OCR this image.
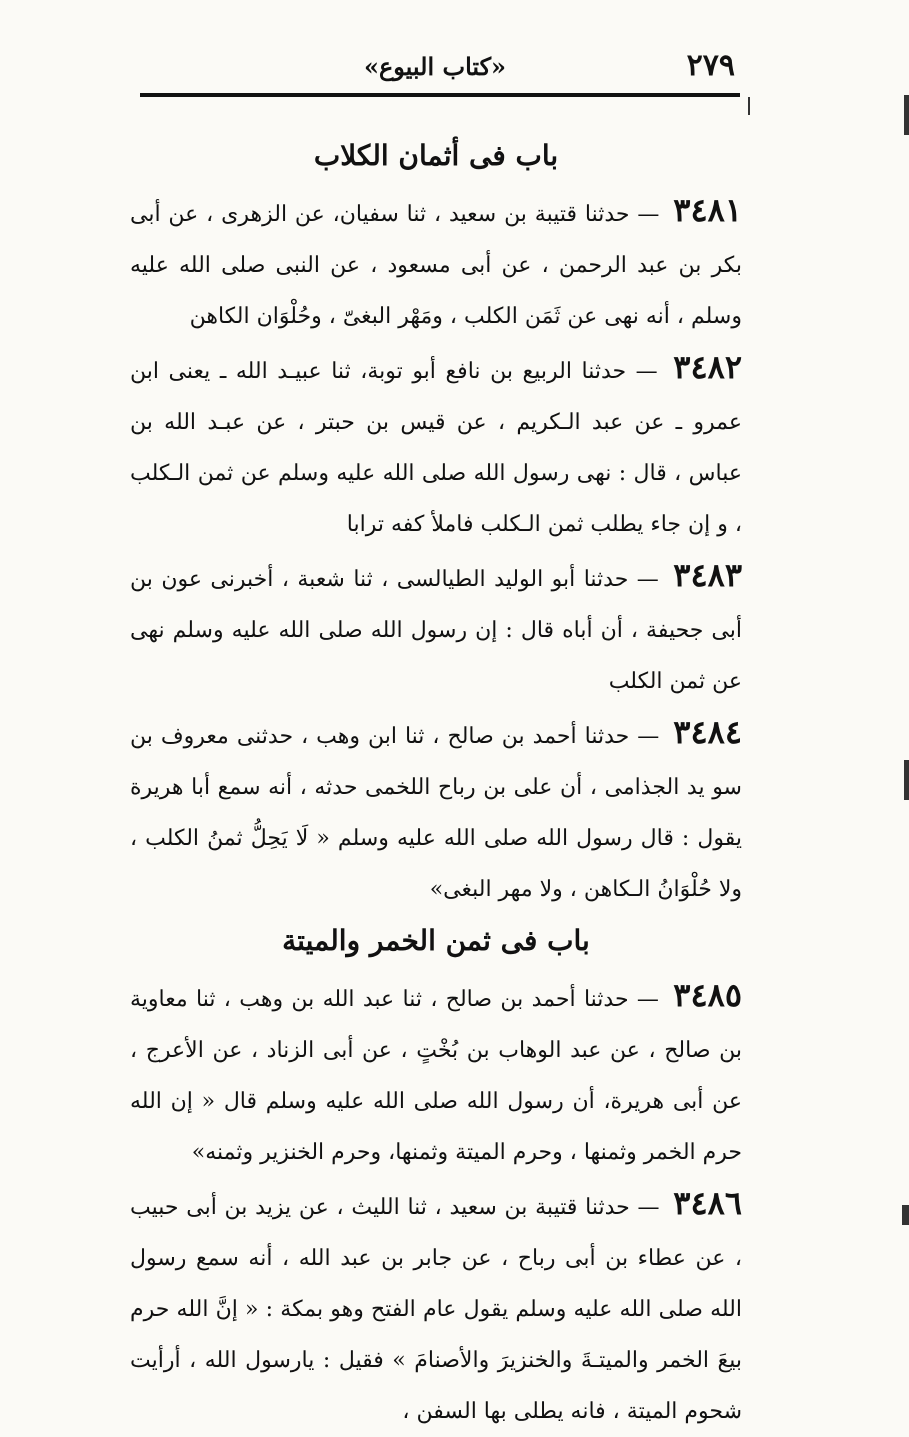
«كتاب البيوع»	٢٧٩
باب فى أثمان الكلاب

٣٤٨١ — حدثنا قتيبة بن سعيد ، ثنا سفيان، عن الزهرى ، عن أبى بكر بن عبد الرحمن ، عن أبى مسعود ، عن النبى صلى الله عليه وسلم ، أنه نهى عن ثَمَن الكلب ، ومَهْر البغىّ ، وحُلْوَان الكاهن

٣٤٨٢ — حدثنا الربيع بن نافع أبو توبة، ثنا عبيـد الله ـ يعنى ابن عمرو ـ عن عبد الـكريم ، عن قيس بن حبتر ، عن عبـد الله بن عباس ، قال : نهى رسول الله صلى الله عليه وسلم عن ثمن الـكلب ، و إن جاء يطلب ثمن الـكلب فاملأ كفه ترابا

٣٤٨٣ — حدثنا أبو الوليد الطيالسى ، ثنا شعبة ، أخبرنى عون بن أبى جحيفة ، أن أباه قال : إن رسول الله صلى الله عليه وسلم نهى عن ثمن الكلب

٣٤٨٤ — حدثنا أحمد بن صالح ، ثنا ابن وهب ، حدثنى معروف بن سو يد الجذامى ، أن على بن رباح اللخمى حدثه ، أنه سمع أبا هريرة يقول : قال رسول الله صلى الله عليه وسلم « لَا يَحِلُّ ثمنُ الكلب ، ولا حُلْوَانُ الـكاهن ، ولا مهر البغى»

باب فى ثمن الخمر والميتة

٣٤٨٥ — حدثنا أحمد بن صالح ، ثنا عبد الله بن وهب ، ثنا معاوية بن صالح ، عن عبد الوهاب بن بُخْتٍ ، عن أبى الزناد ، عن الأعرج ، عن أبى هريرة، أن رسول الله صلى الله عليه وسلم قال « إن الله حرم الخمر وثمنها ، وحرم الميتة وثمنها، وحرم الخنزير وثمنه»

٣٤٨٦ — حدثنا قتيبة بن سعيد ، ثنا الليث ، عن يزيد بن أبى حبيب ، عن عطاء بن أبى رباح ، عن جابر بن عبد الله ، أنه سمع رسول الله صلى الله عليه وسلم يقول عام الفتح وهو بمكة : « إنَّ الله حرم بيعَ الخمر والميتـةَ والخنزيرَ والأصنامَ » فقيل : يارسول الله ، أرأيت شحوم الميتة ، فانه يطلى بها السفن ،
